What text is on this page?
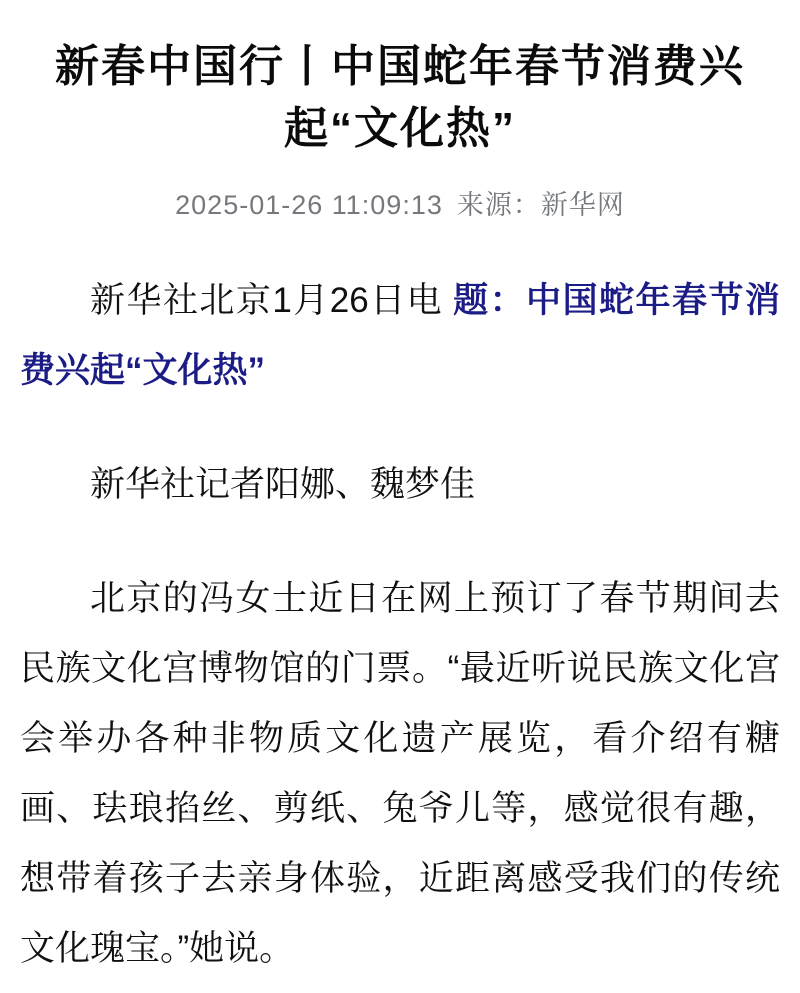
新春中国行丨中国蛇年春节消费兴起“文化热”
2025-01-26 11:09:13 来源：新华网

新华社北京1月26日电 题：中国蛇年春节消费兴起“文化热”

新华社记者阳娜、魏梦佳

北京的冯女士近日在网上预订了春节期间去民族文化宫博物馆的门票。“最近听说民族文化宫会举办各种非物质文化遗产展览，看介绍有糖画、珐琅掐丝、剪纸、兔爷儿等，感觉很有趣，想带着孩子去亲身体验，近距离感受我们的传统文化瑰宝。”她说。
